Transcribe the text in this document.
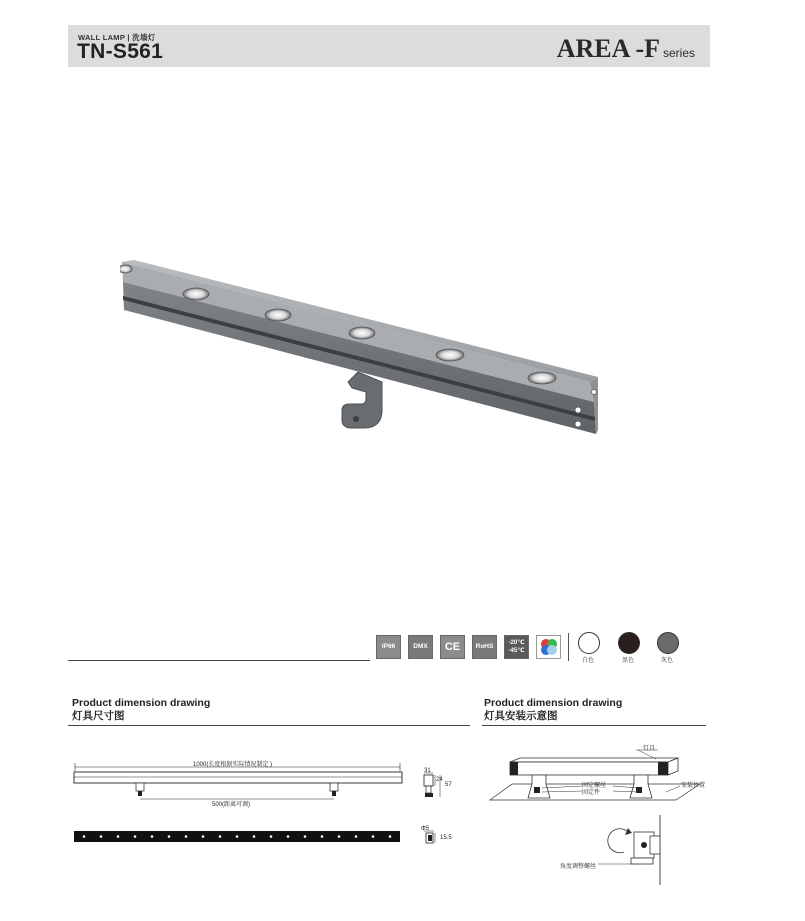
WALL LAMP | 洗墙灯
TN-S561	AREA -F series
IP66	DMX CE RoHS	-20℃
-45℃
白色	黑色	灰色
Product dimension drawing
灯具尺寸图
1000(长度根据实际情况制定 )
500(距离可调)
31
24
57
Φ5
15.5
Product dimension drawing
灯具安装示意图
灯具
固定螺丝
固定件
安装位置
角度调整螺丝
